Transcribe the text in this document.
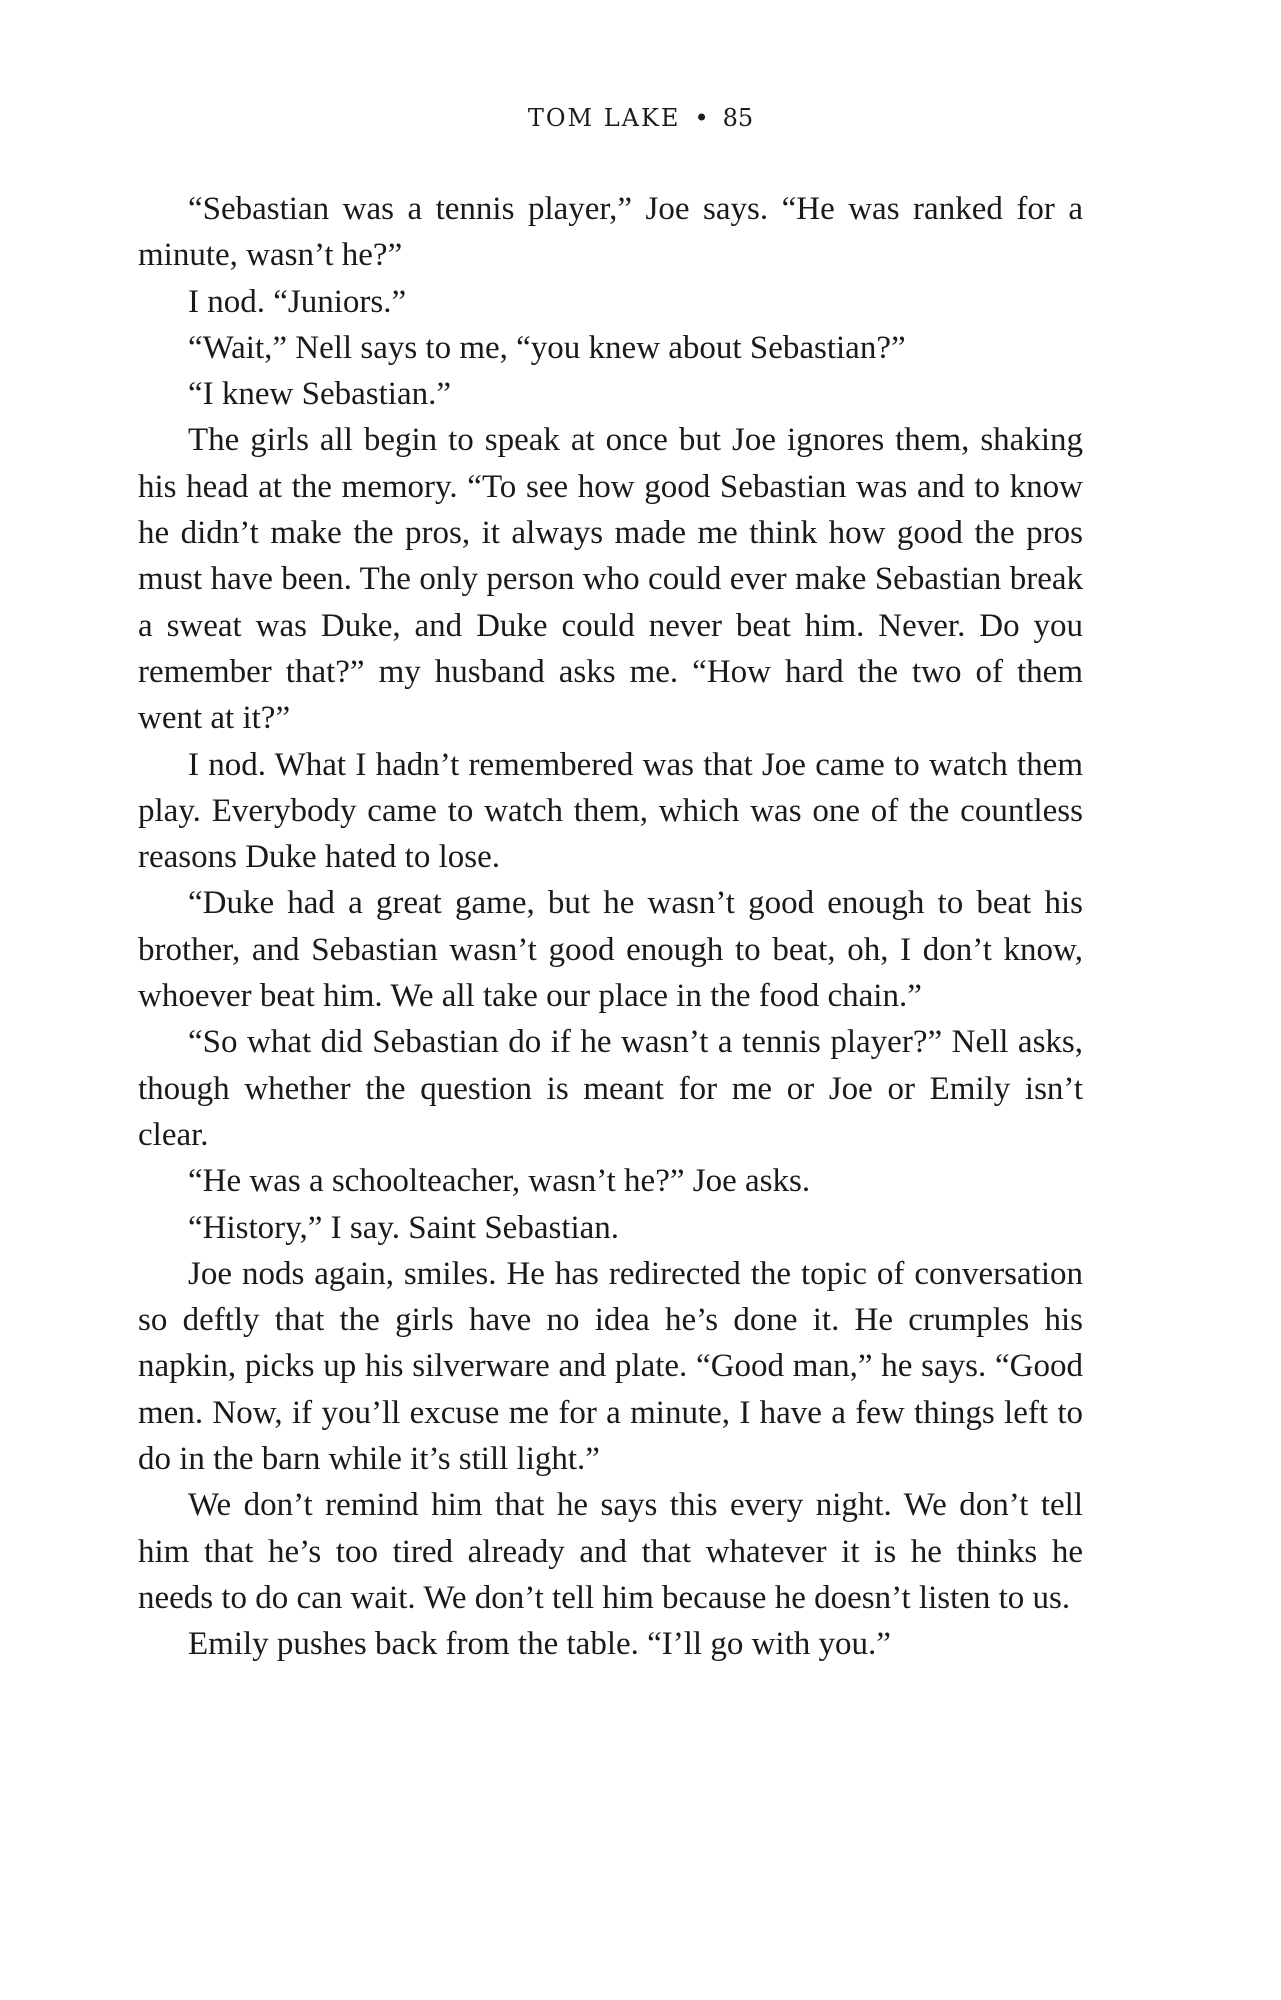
TOM LAKE • 85

“Sebastian was a tennis player,” Joe says. “He was ranked for a minute, wasn’t he?”

I nod. “Juniors.”

“Wait,” Nell says to me, “you knew about Sebastian?”

“I knew Sebastian.”

The girls all begin to speak at once but Joe ignores them, shaking his head at the memory. “To see how good Sebastian was and to know he didn’t make the pros, it always made me think how good the pros must have been. The only person who could ever make Sebastian break a sweat was Duke, and Duke could never beat him. Never. Do you remember that?” my husband asks me. “How hard the two of them went at it?”

I nod. What I hadn’t remembered was that Joe came to watch them play. Everybody came to watch them, which was one of the countless reasons Duke hated to lose.

“Duke had a great game, but he wasn’t good enough to beat his brother, and Sebastian wasn’t good enough to beat, oh, I don’t know, whoever beat him. We all take our place in the food chain.”

“So what did Sebastian do if he wasn’t a tennis player?” Nell asks, though whether the question is meant for me or Joe or Emily isn’t clear.

“He was a schoolteacher, wasn’t he?” Joe asks.

“History,” I say. Saint Sebastian.

Joe nods again, smiles. He has redirected the topic of conversation so deftly that the girls have no idea he’s done it. He crumples his napkin, picks up his silverware and plate. “Good man,” he says. “Good men. Now, if you’ll excuse me for a minute, I have a few things left to do in the barn while it’s still light.”

We don’t remind him that he says this every night. We don’t tell him that he’s too tired already and that whatever it is he thinks he needs to do can wait. We don’t tell him because he doesn’t listen to us.

Emily pushes back from the table. “I’ll go with you.”
